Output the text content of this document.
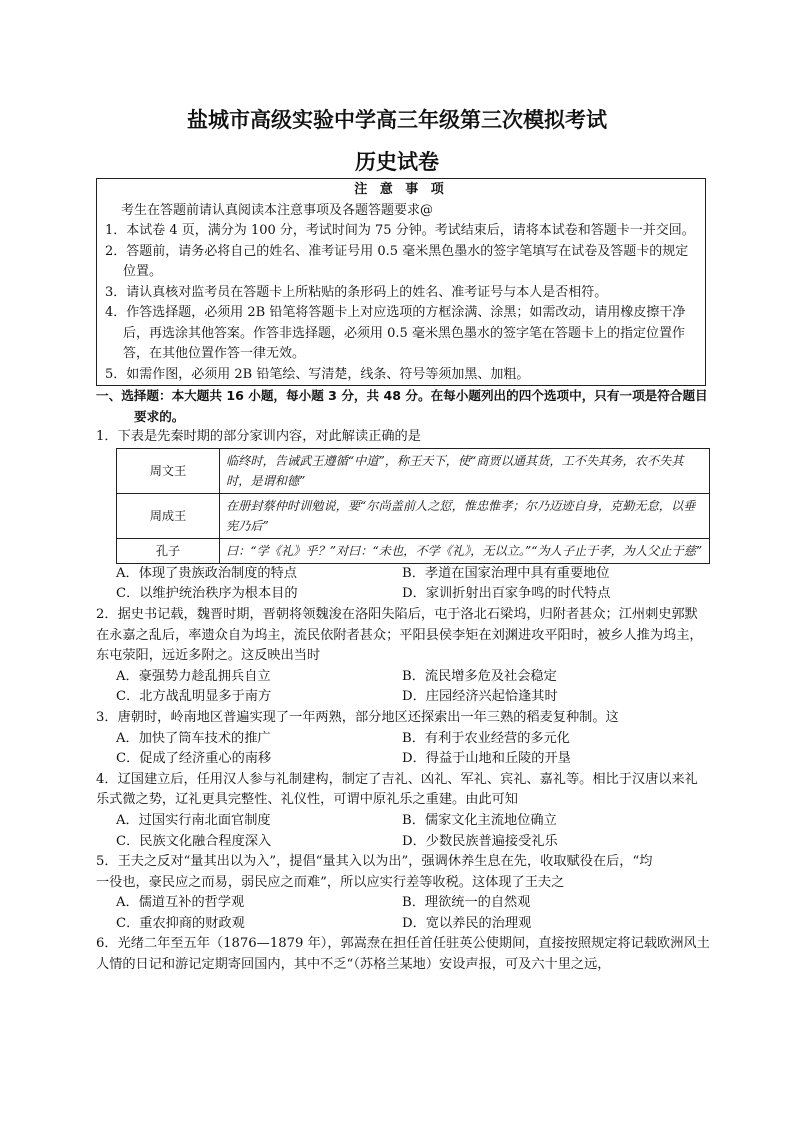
盐城市高级实验中学高三年级第三次模拟考试
历史试卷
注 意 事 项
考生在答题前请认真阅读本注意事项及各题答题要求@
1．本试卷 4 页，满分为 100 分，考试时间为 75 分钟。考试结束后，请将本试卷和答题卡一并交回。
2．答题前，请务必将自己的姓名、准考证号用 0.5 毫米黑色墨水的签字笔填写在试卷及答题卡的规定位置。
3．请认真核对监考员在答题卡上所粘贴的条形码上的姓名、准考证号与本人是否相符。
4．作答选择题，必须用 2B 铅笔将答题卡上对应选项的方框涂满、涂黑；如需改动，请用橡皮擦干净后，再选涂其他答案。作答非选择题，必须用 0.5 毫米黑色墨水的签字笔在答题卡上的指定位置作答，在其他位置作答一律无效。
5．如需作图，必须用 2B 铅笔绘、写清楚，线条、符号等须加黑、加粗。
一、选择题：本大题共 16 小题，每小题 3 分，共 48 分。在每小题列出的四个选项中，只有一项是符合题目要求的。
1．下表是先秦时期的部分家训内容，对此解读正确的是
周文王	临终时，告诫武王遵循“中道”，称王天下，使“商贾以通其货，工不失其务，农不失其时，是谓和德”
周成王	在册封蔡仲时训勉说，要“尔尚盖前人之愆，惟忠惟孝；尔乃迈迹自身，克勤无怠，以垂宪乃后”
孔子	曰：“学《礼》乎？”对曰：“未也，不学《礼》，无以立。”“为人子止于孝，为人父止于慈”
A．体现了贵族政治制度的特点	B．孝道在国家治理中具有重要地位
C．以维护统治秩序为根本目的	D．家训折射出百家争鸣的时代特点
2．据史书记载，魏晋时期，晋朝将领魏浚在洛阳失陷后，屯于洛北石梁坞，归附者甚众；江州刺史郭默在永嘉之乱后，率遗众自为坞主，流民依附者甚众；平阳县侯李矩在刘渊进攻平阳时，被乡人推为坞主，东屯荥阳，远近多附之。这反映出当时
A．豪强势力趁乱拥兵自立	B．流民增多危及社会稳定
C．北方战乱明显多于南方	D．庄园经济兴起恰逢其时
3．唐朝时，岭南地区普遍实现了一年两熟，部分地区还探索出一年三熟的稻麦复种制。这
A．加快了筒车技术的推广	B．有利于农业经营的多元化
C．促成了经济重心的南移	D．得益于山地和丘陵的开垦
4．辽国建立后，任用汉人参与礼制建构，制定了吉礼、凶礼、军礼、宾礼、嘉礼等。相比于汉唐以来礼乐式微之势，辽礼更具完整性、礼仪性，可谓中原礼乐之重建。由此可知
A．过国实行南北面官制度	B．儒家文化主流地位确立
C．民族文化融合程度深入	D．少数民族普遍接受礼乐
5．王夫之反对“量其出以为入”，提倡“量其入以为出”，强调休养生息在先，收取赋役在后，“均
一役也，豪民应之而易，弱民应之而难”，所以应实行差等收税。这体现了王夫之
A．儒道互补的哲学观	B．理欲统一的自然观
C．重农抑商的财政观	D．宽以养民的治理观
6．光绪二年至五年（1876—1879 年），郭嵩焘在担任首任驻英公使期间，直接按照规定将记载欧洲风土人情的日记和游记定期寄回国内，其中不乏“（苏格兰某地）安设声报，可及六十里之远，
